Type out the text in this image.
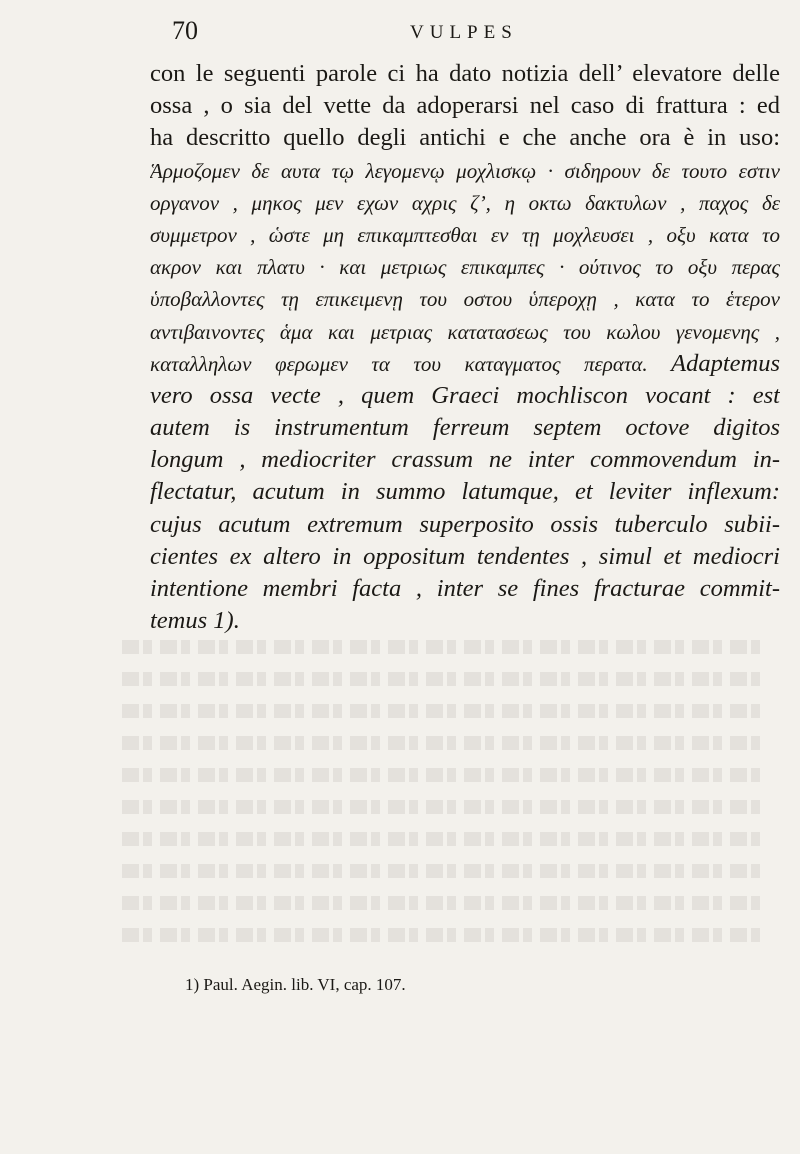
70	VULPES
con le seguenti parole ci ha dato notizia dell’ elevatore delle
ossa , o sia del vette da adoperarsi nel caso di frattura : ed
ha descritto quello degli antichi e che anche ora è in uso:
Ἁρμοζομεν δε αυτα τῳ λεγομενῳ μοχλισκῳ · σιδηρουν δε τουτο εστιν
οργανον , μηκος μεν εχων αχρις ζ’, η οκτω δακτυλων , παχος δε
συμμετρον , ὡστε μη επικαμπτεσθαι εν τῃ μοχλευσει , οξυ κατα το
ακρον και πλατυ · και μετριως επικαμπες · ούτινος το οξυ περας
ὑποβαλλοντες τῃ επικειμενῃ του οστου ὑπεροχῃ , κατα το ἑτερον
αντιβαινοντες ἁμα και μετριας κατατασεως του κωλου γενομενης ,
καταλληλων φερωμεν τα του καταγματος περατα. Adaptemus
vero ossa vecte , quem Graeci mochliscon vocant : est
autem is instrumentum ferreum septem octove digitos
longum , mediocriter crassum ne inter commovendum in-
flectatur, acutum in summo latumque, et leviter inflexum:
cujus acutum extremum superposito ossis tuberculo subii-
cientes ex altero in oppositum tendentes , simul et mediocri
intentione membri facta , inter se fines fracturae commit-
temus 1).
1) Paul. Aegin. lib. VI, cap. 107.
